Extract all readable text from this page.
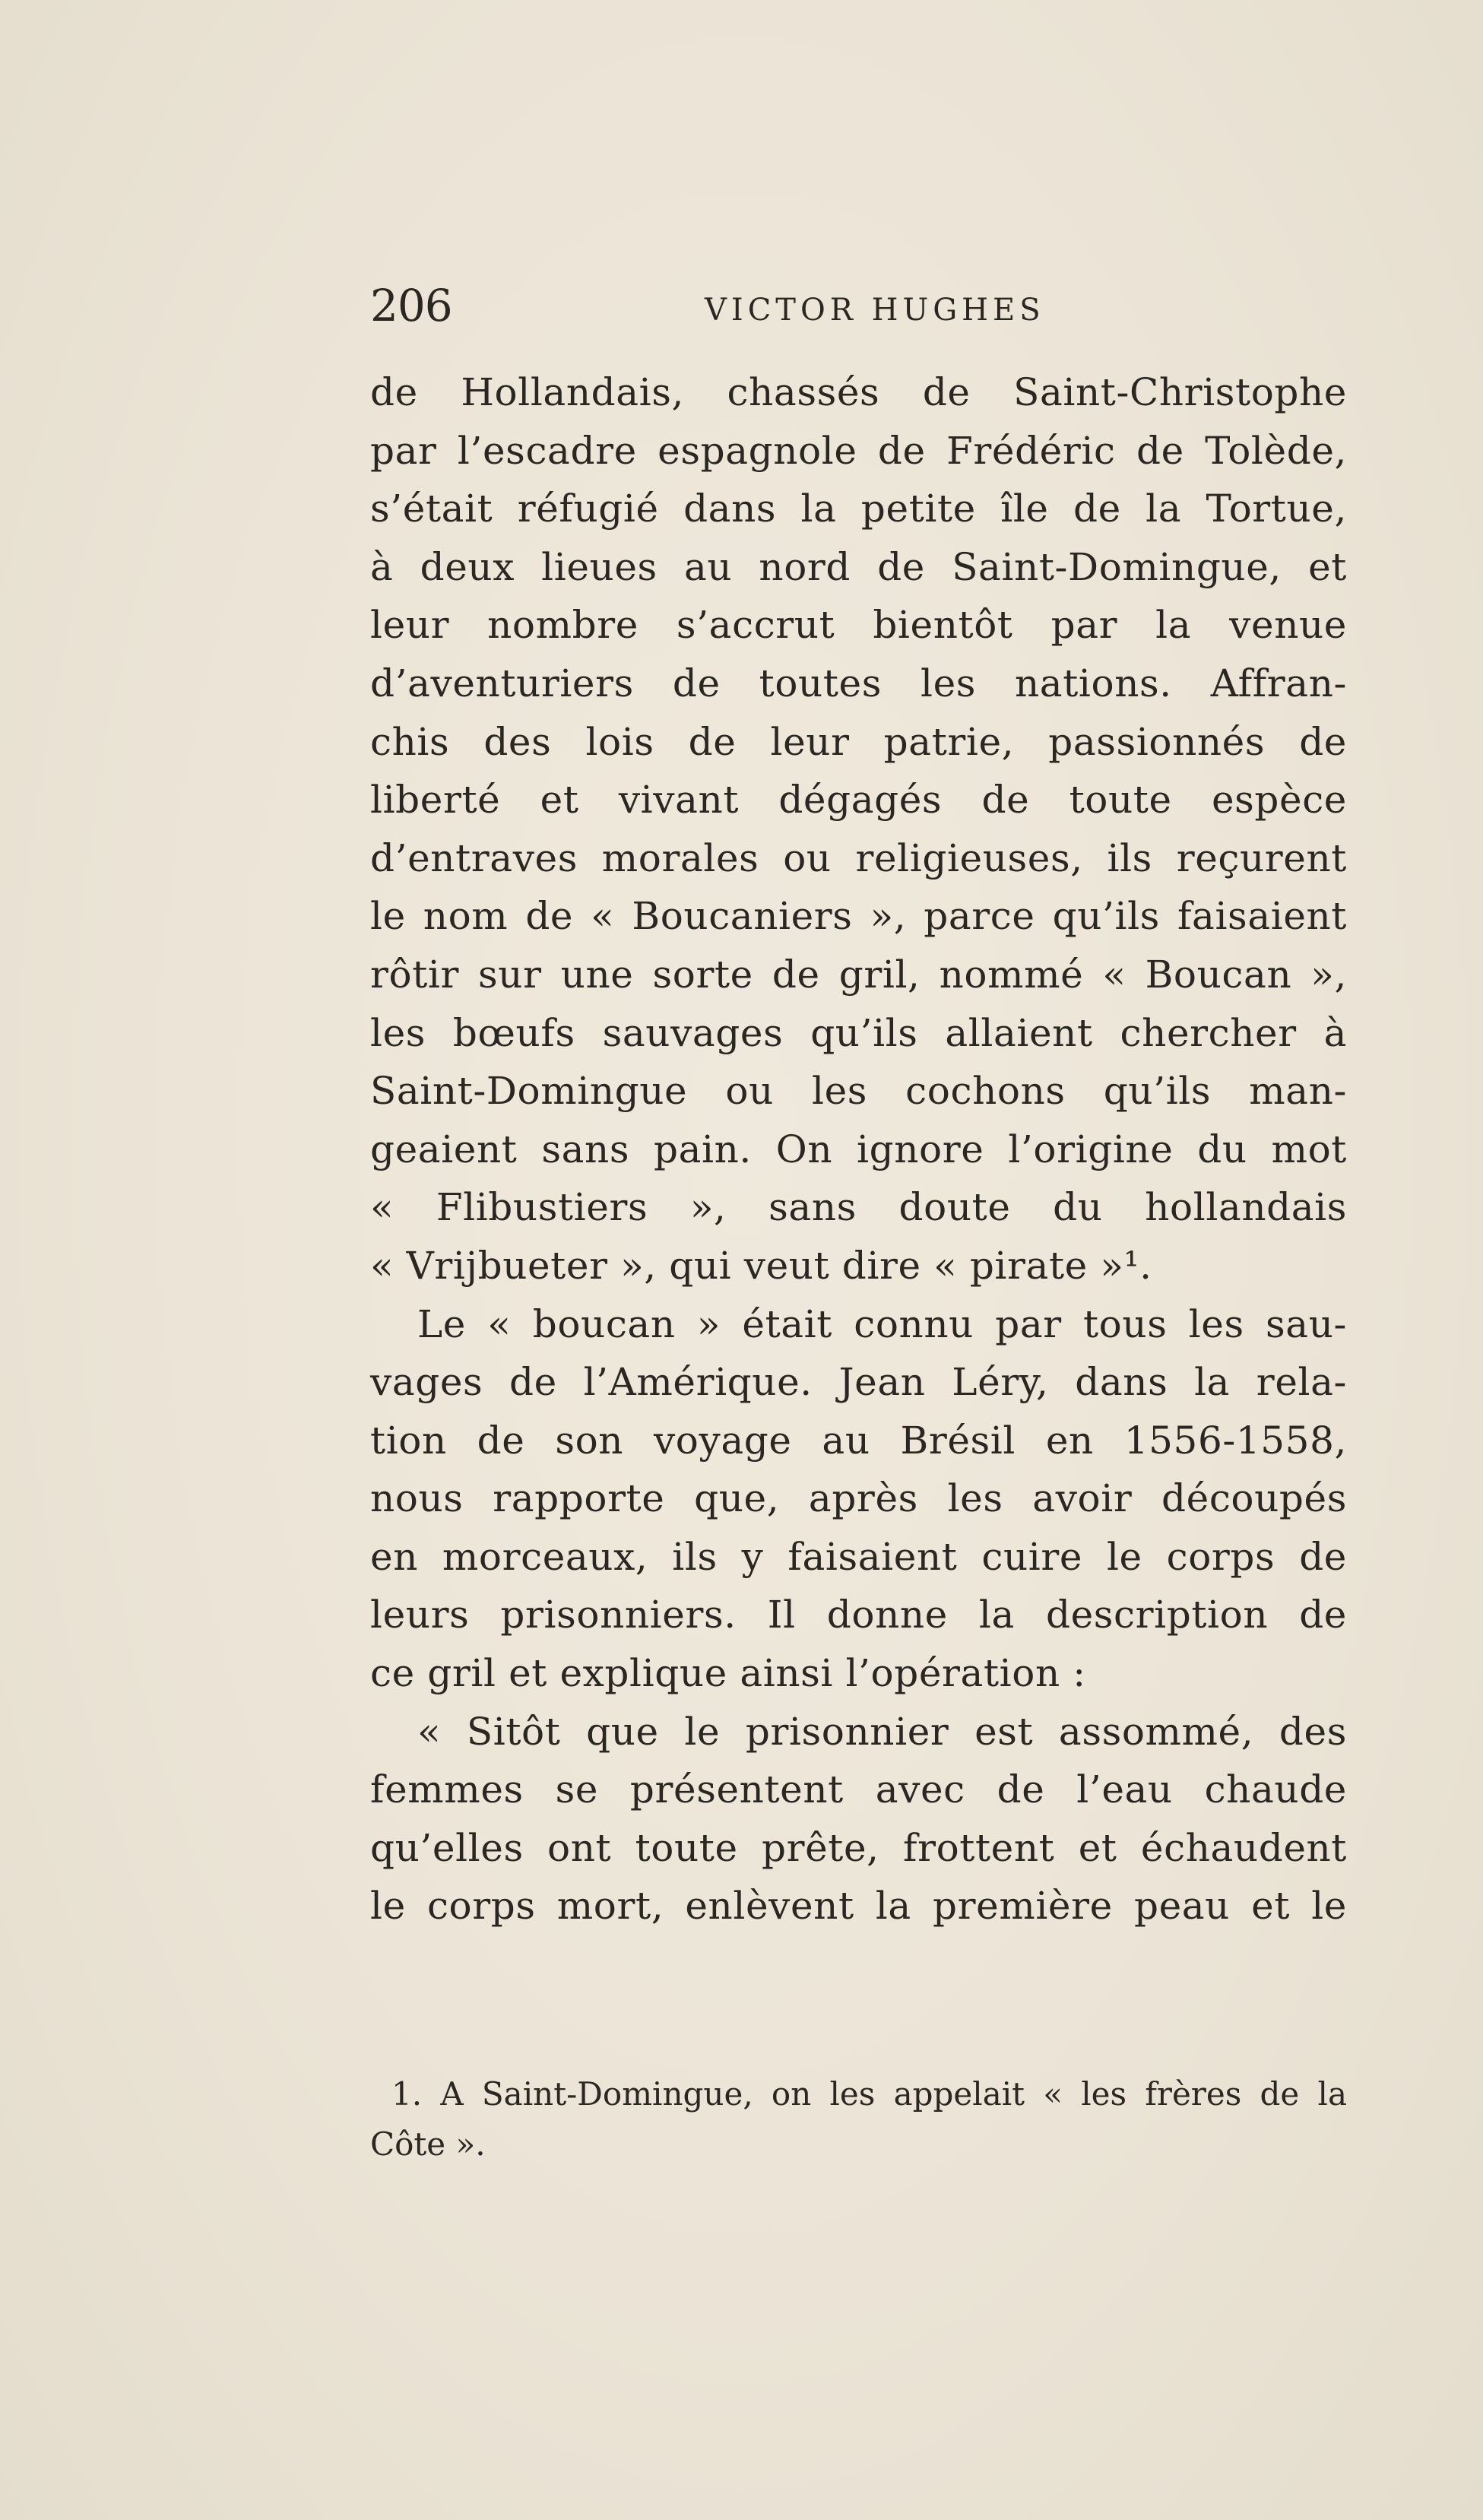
206	VICTOR HUGHES
de Hollandais, chassés de Saint-Christophe
par l’escadre espagnole de Frédéric de Tolède,
s’était réfugié dans la petite île de la Tortue,
à deux lieues au nord de Saint-Domingue, et
leur nombre s’accrut bientôt par la venue
d’aventuriers de toutes les nations. Affran-
chis des lois de leur patrie, passionnés de
liberté et vivant dégagés de toute espèce
d’entraves morales ou religieuses, ils reçurent
le nom de « Boucaniers », parce qu’ils faisaient
rôtir sur une sorte de gril, nommé « Boucan »,
les bœufs sauvages qu’ils allaient chercher à
Saint-Domingue ou les cochons qu’ils man-
geaient sans pain. On ignore l’origine du mot
« Flibustiers », sans doute du hollandais
« Vrijbueter », qui veut dire « pirate »¹.
Le « boucan » était connu par tous les sau-
vages de l’Amérique. Jean Léry, dans la rela-
tion de son voyage au Brésil en 1556-1558,
nous rapporte que, après les avoir découpés
en morceaux, ils y faisaient cuire le corps de
leurs prisonniers. Il donne la description de
ce gril et explique ainsi l’opération :
« Sitôt que le prisonnier est assommé, des
femmes se présentent avec de l’eau chaude
qu’elles ont toute prête, frottent et échaudent
le corps mort, enlèvent la première peau et le
1. A Saint-Domingue, on les appelait « les frères de la
Côte ».
